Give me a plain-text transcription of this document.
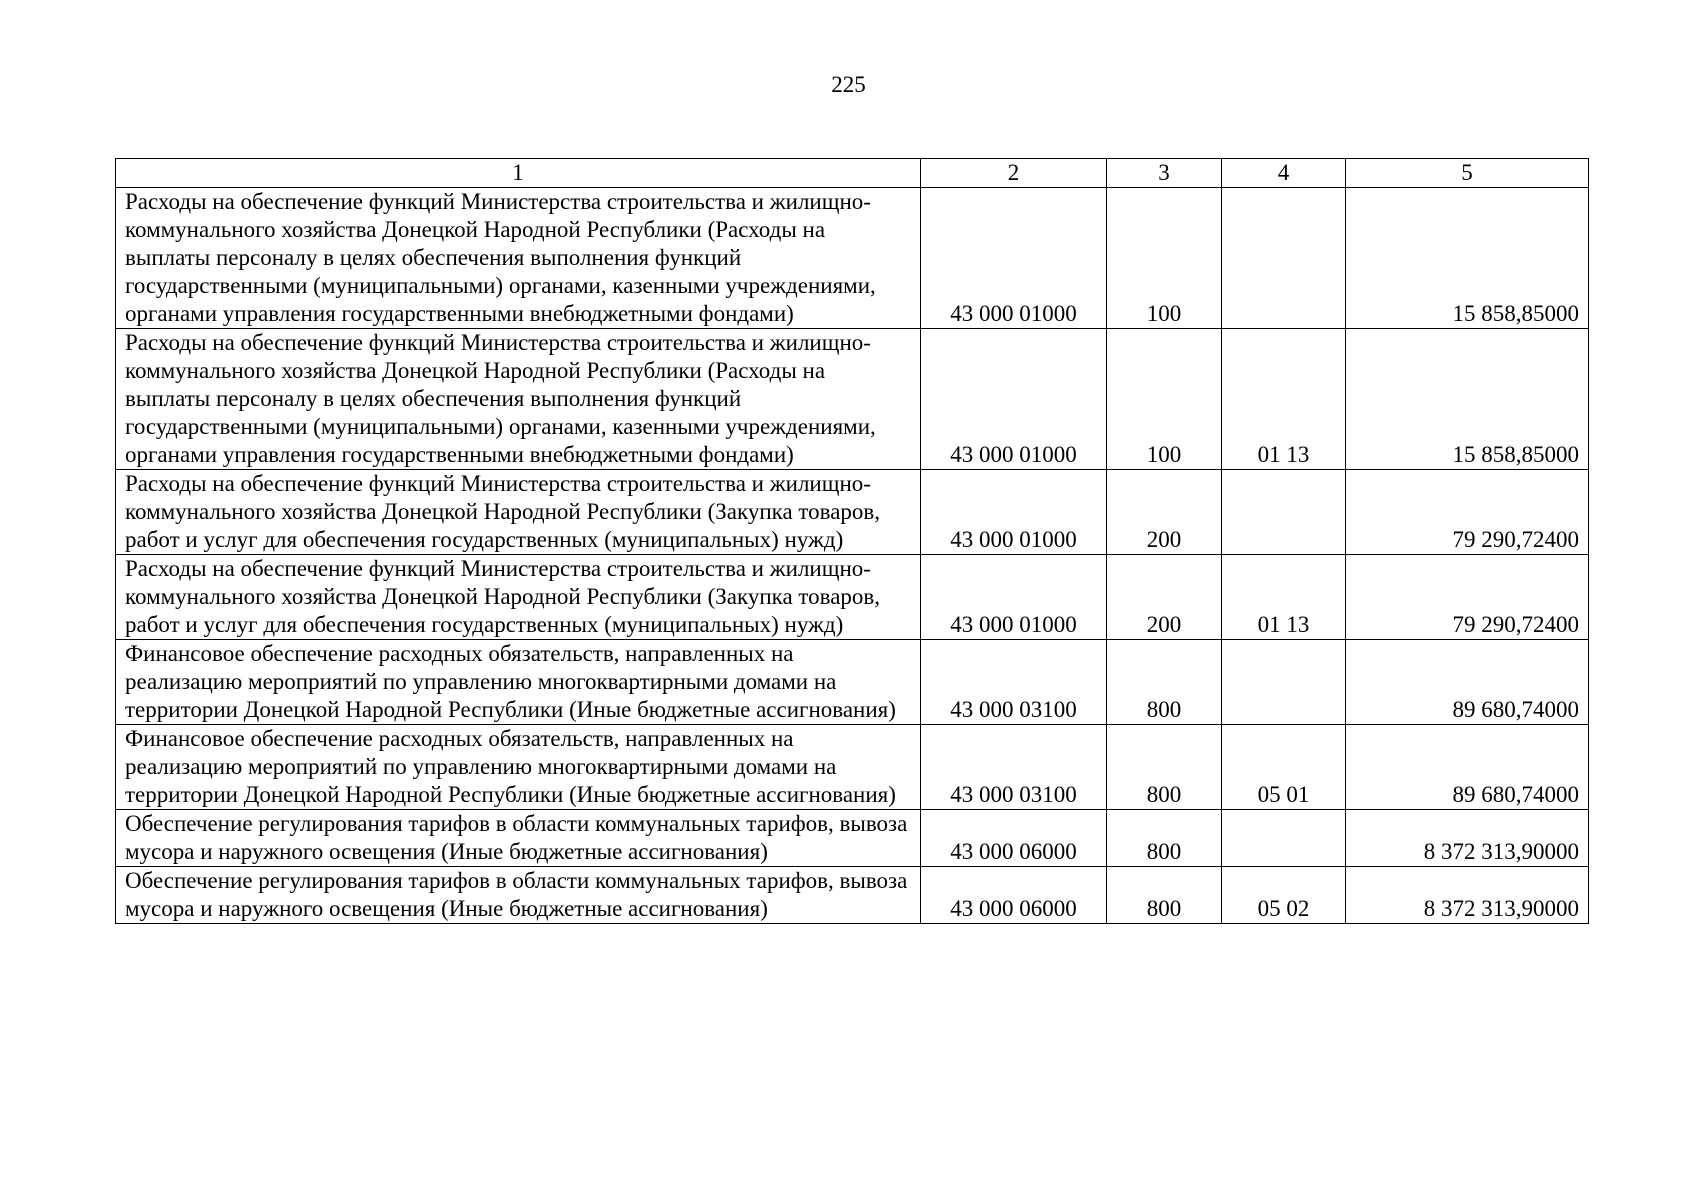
225
1	2	3	4	5
Расходы на обеспечение функций Министерства строительства и жилищно-коммунального хозяйства Донецкой Народной Республики (Расходы на выплаты персоналу в целях обеспечения выполнения функций государственными (муниципальными) органами, казенными учреждениями, органами управления государственными внебюджетными фондами)	43 000 01000	100		15 858,85000
Расходы на обеспечение функций Министерства строительства и жилищно-коммунального хозяйства Донецкой Народной Республики (Расходы на выплаты персоналу в целях обеспечения выполнения функций государственными (муниципальными) органами, казенными учреждениями, органами управления государственными внебюджетными фондами)	43 000 01000	100	01 13	15 858,85000
Расходы на обеспечение функций Министерства строительства и жилищно-коммунального хозяйства Донецкой Народной Республики (Закупка товаров, работ и услуг для обеспечения государственных (муниципальных) нужд)	43 000 01000	200		79 290,72400
Расходы на обеспечение функций Министерства строительства и жилищно-коммунального хозяйства Донецкой Народной Республики (Закупка товаров, работ и услуг для обеспечения государственных (муниципальных) нужд)	43 000 01000	200	01 13	79 290,72400
Финансовое обеспечение расходных обязательств, направленных на реализацию мероприятий по управлению многоквартирными домами на территории Донецкой Народной Республики (Иные бюджетные ассигнования)	43 000 03100	800		89 680,74000
Финансовое обеспечение расходных обязательств, направленных на реализацию мероприятий по управлению многоквартирными домами на территории Донецкой Народной Республики (Иные бюджетные ассигнования)	43 000 03100	800	05 01	89 680,74000
Обеспечение регулирования тарифов в области коммунальных тарифов, вывоза мусора и наружного освещения (Иные бюджетные ассигнования)	43 000 06000	800		8 372 313,90000
Обеспечение регулирования тарифов в области коммунальных тарифов, вывоза мусора и наружного освещения (Иные бюджетные ассигнования)	43 000 06000	800	05 02	8 372 313,90000
